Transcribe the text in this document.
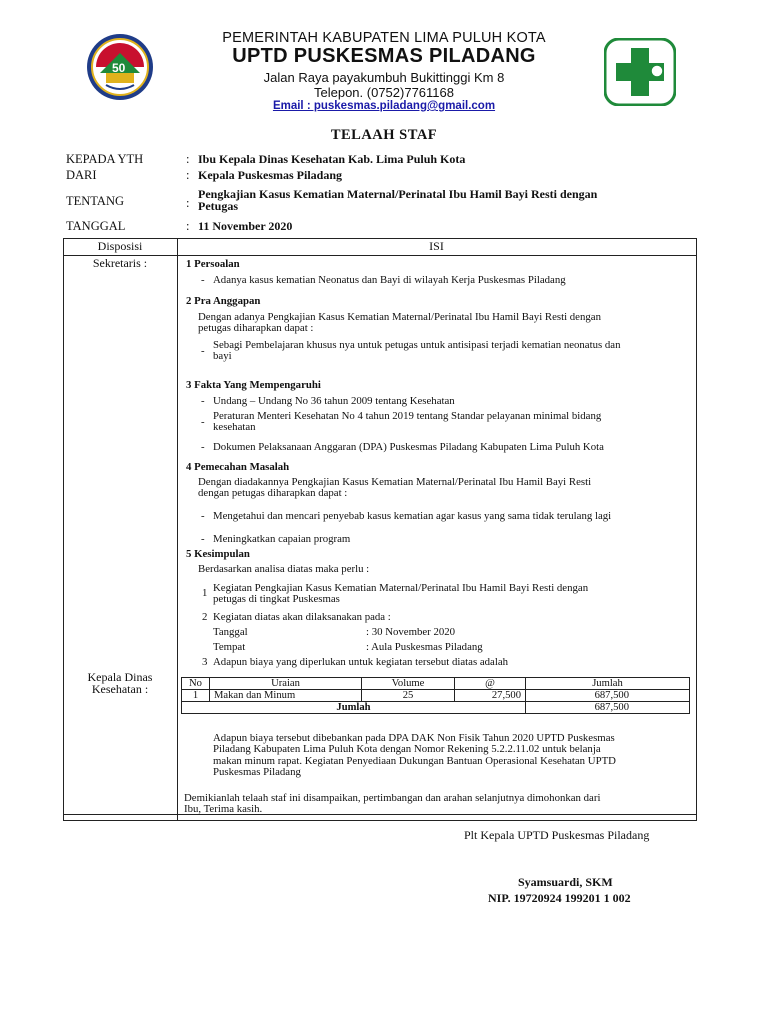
50
PEMERINTAH KABUPATEN LIMA PULUH KOTA
UPTD PUSKESMAS PILADANG
Jalan Raya payakumbuh Bukittinggi Km 8
Telepon. (0752)7761168
Email : puskesmas.piladang@gmail.com
TELAAH STAF
KEPADA YTH	: Ibu Kepala Dinas Kesehatan Kab. Lima Puluh Kota
DARI	: Kepala Puskesmas Piladang
TENTANG	:
Pengkajian Kasus Kematian Maternal/Perinatal Ibu Hamil Bayi Resti dengan
Petugas
TANGGAL	: 11 November 2020
Disposisi	ISI
Sekretaris :
Kepala Dinas
Kesehatan :
1 Persoalan
- Adanya kasus kematian Neonatus dan Bayi di wilayah Kerja Puskesmas Piladang
2 Pra Anggapan
Dengan adanya Pengkajian Kasus Kematian Maternal/Perinatal Ibu Hamil Bayi Resti dengan
petugas diharapkan dapat :
- Sebagi Pembelajaran khusus nya untuk petugas untuk antisipasi terjadi kematian neonatus dan
bayi
3 Fakta Yang Mempengaruhi
- Undang – Undang No 36 tahun 2009 tentang Kesehatan
- Peraturan Menteri Kesehatan No 4 tahun 2019 tentang Standar pelayanan minimal bidang
kesehatan
- Dokumen Pelaksanaan Anggaran (DPA) Puskesmas Piladang Kabupaten Lima Puluh Kota
4 Pemecahan Masalah
Dengan diadakannya Pengkajian Kasus Kematian Maternal/Perinatal Ibu Hamil Bayi Resti
dengan petugas diharapkan dapat :
- Mengetahui dan mencari penyebab kasus kematian agar kasus yang sama tidak terulang lagi
- Meningkatkan capaian program
5 Kesimpulan
Berdasarkan analisa diatas maka perlu :
1 Kegiatan Pengkajian Kasus Kematian Maternal/Perinatal Ibu Hamil Bayi Resti dengan
petugas di tingkat Puskesmas
2 Kegiatan diatas akan dilaksanakan pada :
Tanggal	: 30 November 2020
Tempat	: Aula Puskesmas Piladang
3 Adapun biaya yang diperlukan untuk kegiatan tersebut diatas adalah
No	Uraian	Volume	@	Jumlah
1	Makan dan Minum	25	27,500	687,500
Jumlah				687,500
Adapun biaya tersebut dibebankan pada DPA DAK Non Fisik Tahun 2020 UPTD Puskesmas
Piladang Kabupaten Lima Puluh Kota dengan Nomor Rekening 5.2.2.11.02 untuk belanja
makan minum rapat. Kegiatan Penyediaan Dukungan Bantuan Operasional Kesehatan UPTD
Puskesmas Piladang
Demikianlah telaah staf ini disampaikan, pertimbangan dan arahan selanjutnya dimohonkan dari
Ibu, Terima kasih.
Plt Kepala UPTD Puskesmas Piladang
Syamsuardi, SKM
NIP. 19720924 199201 1 002
